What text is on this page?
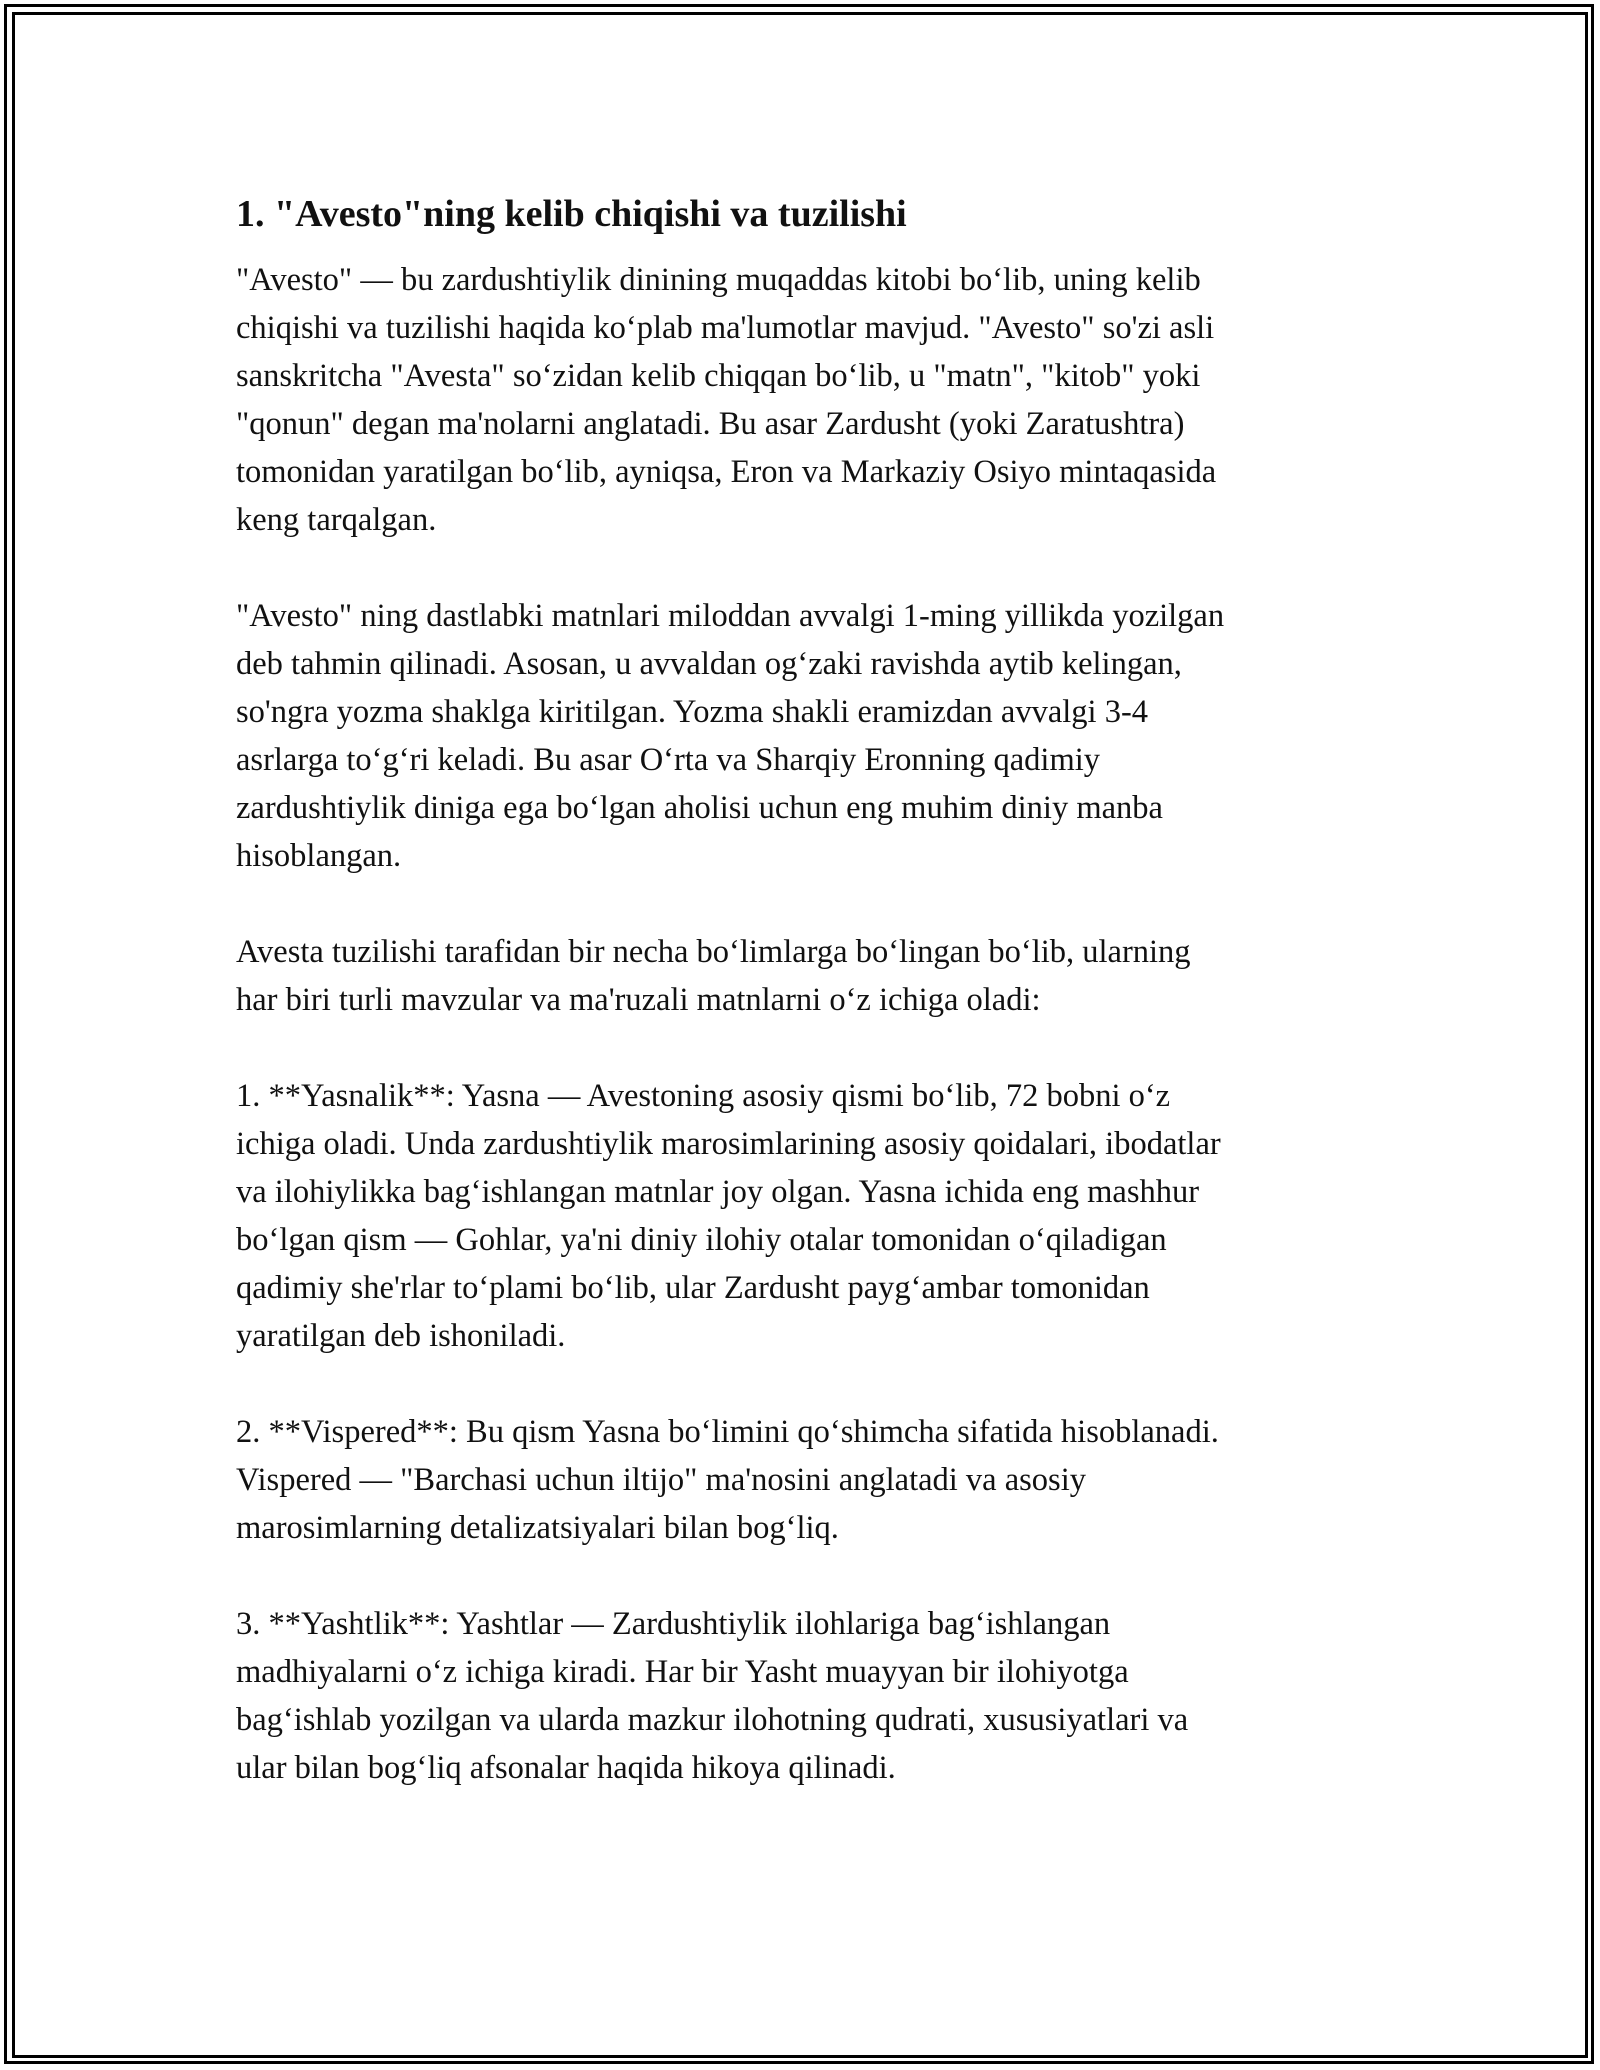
1. "Avesto"ning kelib chiqishi va tuzilishi

"Avesto" — bu zardushtiylik dinining muqaddas kitobi bo‘lib, uning kelib
chiqishi va tuzilishi haqida ko‘plab ma'lumotlar mavjud. "Avesto" so'zi asli
sanskritcha "Avesta" so‘zidan kelib chiqqan bo‘lib, u "matn", "kitob" yoki
"qonun" degan ma'nolarni anglatadi. Bu asar Zardusht (yoki Zaratushtra)
tomonidan yaratilgan bo‘lib, ayniqsa, Eron va Markaziy Osiyo mintaqasida
keng tarqalgan.

"Avesto" ning dastlabki matnlari miloddan avvalgi 1-ming yillikda yozilgan
deb tahmin qilinadi. Asosan, u avvaldan og‘zaki ravishda aytib kelingan,
so'ngra yozma shaklga kiritilgan. Yozma shakli eramizdan avvalgi 3-4
asrlarga to‘g‘ri keladi. Bu asar O‘rta va Sharqiy Eronning qadimiy
zardushtiylik diniga ega bo‘lgan aholisi uchun eng muhim diniy manba
hisoblangan.

Avesta tuzilishi tarafidan bir necha bo‘limlarga bo‘lingan bo‘lib, ularning
har biri turli mavzular va ma'ruzali matnlarni o‘z ichiga oladi:

1. **Yasnalik**: Yasna — Avestoning asosiy qismi bo‘lib, 72 bobni o‘z
ichiga oladi. Unda zardushtiylik marosimlarining asosiy qoidalari, ibodatlar
va ilohiylikka bag‘ishlangan matnlar joy olgan. Yasna ichida eng mashhur
bo‘lgan qism — Gohlar, ya'ni diniy ilohiy otalar tomonidan o‘qiladigan
qadimiy she'rlar to‘plami bo‘lib, ular Zardusht payg‘ambar tomonidan
yaratilgan deb ishoniladi.

2. **Vispered**: Bu qism Yasna bo‘limini qo‘shimcha sifatida hisoblanadi.
Vispered — "Barchasi uchun iltijo" ma'nosini anglatadi va asosiy
marosimlarning detalizatsiyalari bilan bog‘liq.

3. **Yashtlik**: Yashtlar — Zardushtiylik ilohlariga bag‘ishlangan
madhiyalarni o‘z ichiga kiradi. Har bir Yasht muayyan bir ilohiyotga
bag‘ishlab yozilgan va ularda mazkur ilohotning qudrati, xususiyatlari va
ular bilan bog‘liq afsonalar haqida hikoya qilinadi.
